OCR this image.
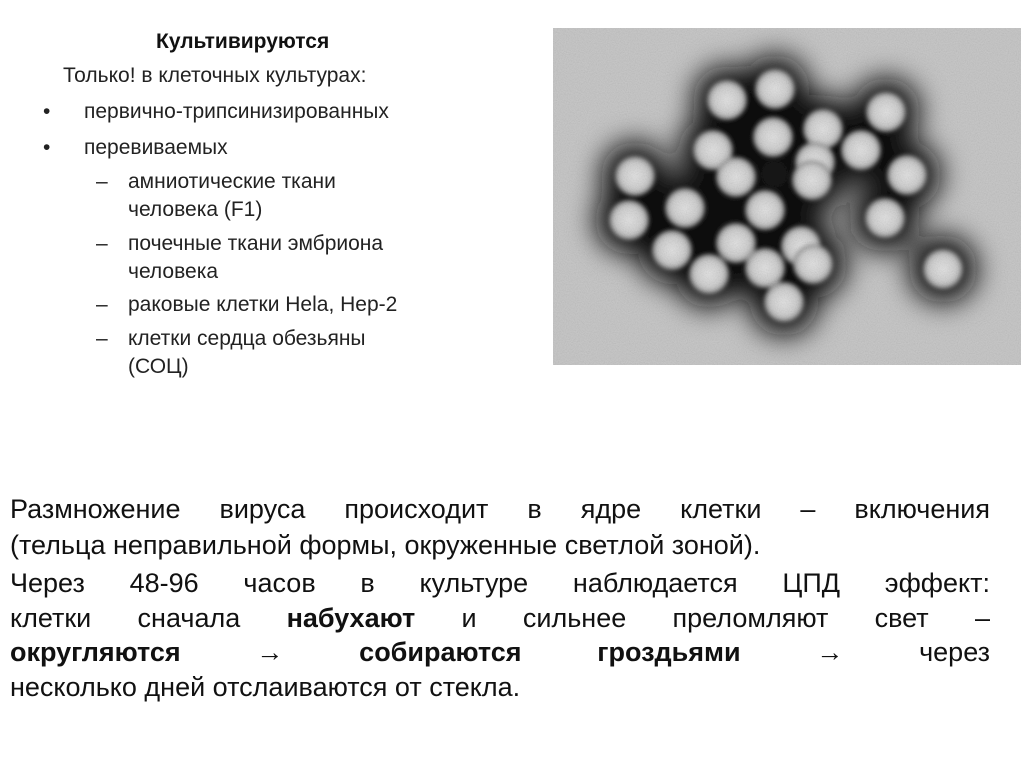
Культивируются
Только! в клеточных культурах:
• первично-трипсинизированных
• перевиваемых
– амниотические ткани
человека (F1)
– почечные ткани эмбриона
человека
– раковые клетки Hela, Hep-2
– клетки сердца обезьяны
(СОЦ)
Размножение вируса происходит в ядре клетки – включения
(тельца неправильной формы, окруженные светлой зоной).
Через 48-96 часов в культуре наблюдается ЦПД эффект:
клетки сначала набухают и сильнее преломляют свет –
округляются	→	собираются гроздьями	→	через
несколько дней отслаиваются от стекла.
